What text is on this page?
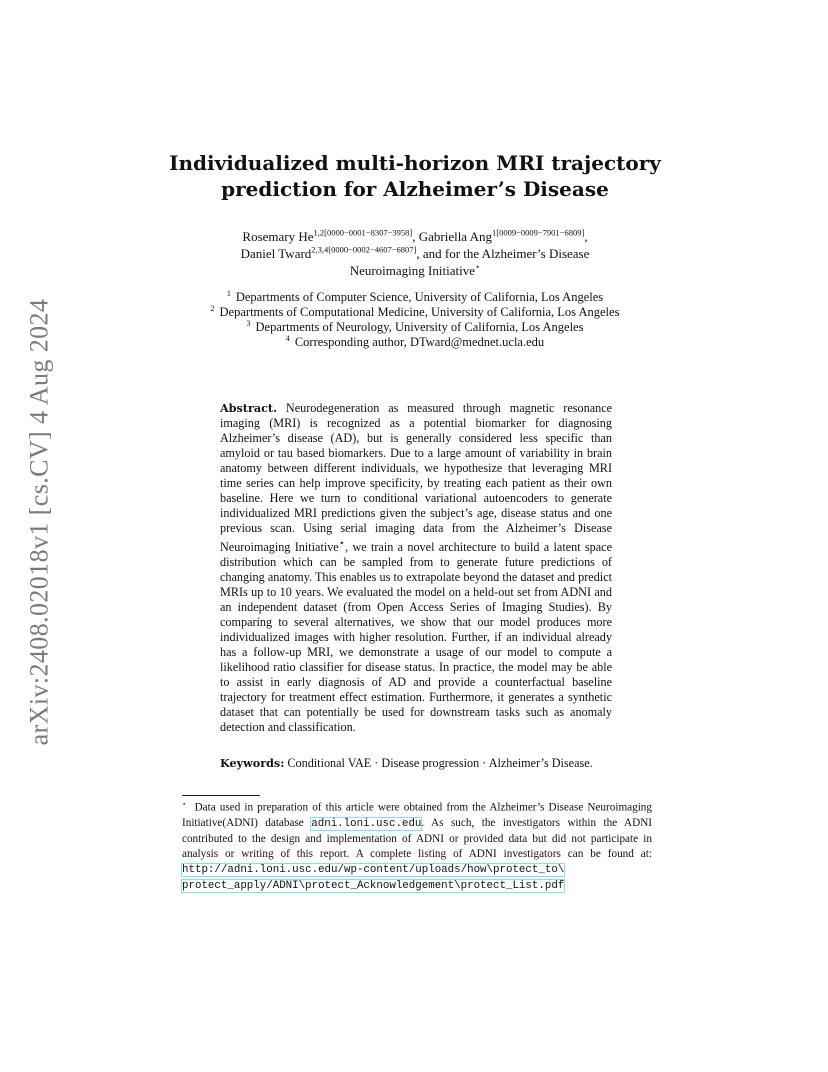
arXiv:2408.02018v1 [cs.CV] 4 Aug 2024
Individualized multi-horizon MRI trajectory
prediction for Alzheimer’s Disease

Rosemary $He^{1,2[0000-0001-8307-3958]}$, Gabriella Ang$^{1[0009-0009-7901-6809]}$,
Daniel Tward$^{2,3,4[0000-0002-4607-6807]}$, and for the Alzheimer’s Disease
Neuroimaging Initiative⋆

$^1$ Departments of Computer Science, University of California, Los Angeles
$^2$ Departments of Computational Medicine, University of California, Los Angeles
$^3$ Departments of Neurology, University of California, Los Angeles
$^4$ Corresponding author, DTward@mednet.ucla.edu

Abstract. Neurodegeneration as measured through magnetic resonance imaging (MRI) is recognized as a potential biomarker for diagnosing Alzheimer’s disease (AD), but is generally considered less specific than amyloid or tau based biomarkers. Due to a large amount of variability in brain anatomy between different individuals, we hypothesize that leveraging MRI time series can help improve specificity, by treating each patient as their own baseline. Here we turn to conditional variational autoencoders to generate individualized MRI predictions given the subject’s age, disease status and one previous scan. Using serial imaging data from the Alzheimer’s Disease Neuroimaging Initiative⋆, we train a novel architecture to build a latent space distribution which can be sampled from to generate future predictions of changing anatomy. This enables us to extrapolate beyond the dataset and predict MRIs up to 10 years. We evaluated the model on a held-out set from ADNI and an independent dataset (from Open Access Series of Imaging Studies). By comparing to several alternatives, we show that our model produces more individualized images with higher resolution. Further, if an individual already has a follow-up MRI, we demonstrate a usage of our model to compute a likelihood ratio classifier for disease status. In practice, the model may be able to assist in early diagnosis of AD and provide a counterfactual baseline trajectory for treatment effect estimation. Furthermore, it generates a synthetic dataset that can potentially be used for downstream tasks such as anomaly detection and classification.

Keywords: Conditional VAE · Disease progression · Alzheimer’s Disease.

⋆ Data used in preparation of this article were obtained from the Alzheimer’s Disease Neuroimaging Initiative(ADNI) database adni.loni.usc.edu. As such, the investigators within the ADNI contributed to the design and implementation of ADNI or provided data but did not participate in analysis or writing of this report. A complete listing of ADNI investigators can be found at: http://adni.loni.usc.edu/wp-content/uploads/how\protect_to\
protect_apply/ADNI\protect_Acknowledgement\protect_List.pdf
